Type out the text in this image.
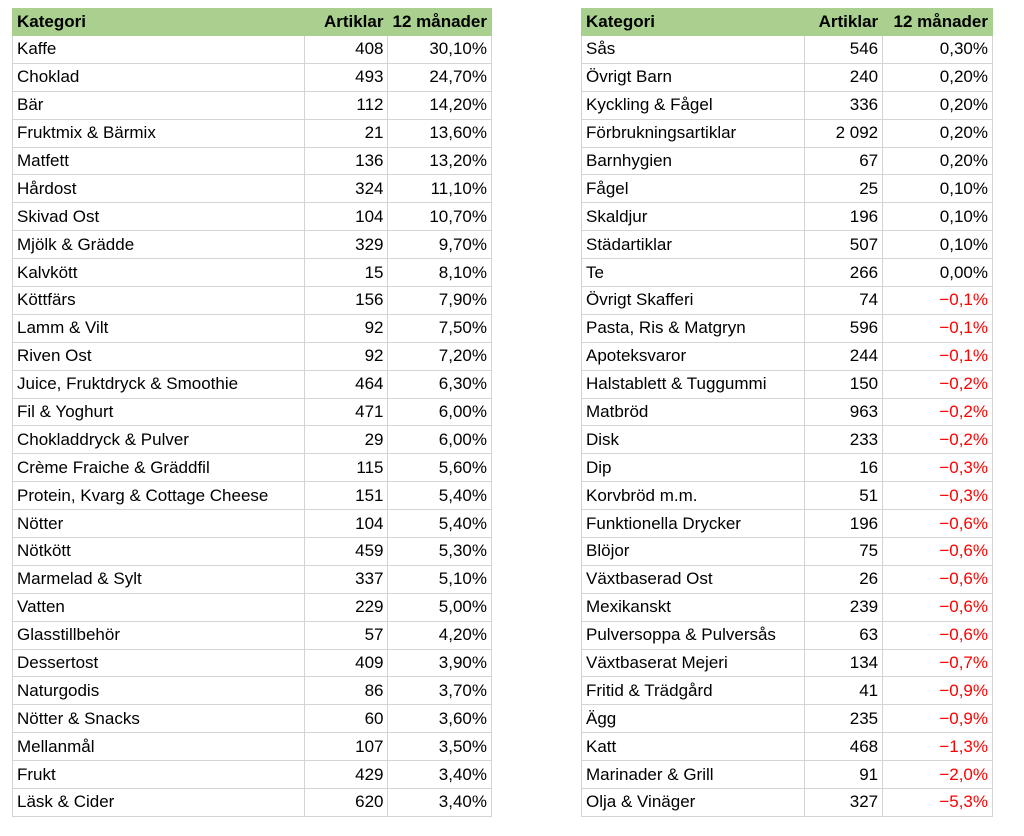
Kategori	Artiklar	12 månader
Kaffe	408	30,10%
Choklad	493	24,70%
Bär	112	14,20%
Fruktmix & Bärmix	21	13,60%
Matfett	136	13,20%
Hårdost	324	11,10%
Skivad Ost	104	10,70%
Mjölk & Grädde	329	9,70%
Kalvkött	15	8,10%
Köttfärs	156	7,90%
Lamm & Vilt	92	7,50%
Riven Ost	92	7,20%
Juice, Fruktdryck & Smoothie	464	6,30%
Fil & Yoghurt	471	6,00%
Chokladdryck & Pulver	29	6,00%
Crème Fraiche & Gräddfil	115	5,60%
Protein, Kvarg & Cottage Cheese	151	5,40%
Nötter	104	5,40%
Nötkött	459	5,30%
Marmelad & Sylt	337	5,10%
Vatten	229	5,00%
Glasstillbehör	57	4,20%
Dessertost	409	3,90%
Naturgodis	86	3,70%
Nötter & Snacks	60	3,60%
Mellanmål	107	3,50%
Frukt	429	3,40%
Läsk & Cider	620	3,40%
Kategori	Artiklar	12 månader
Sås	546	0,30%
Övrigt Barn	240	0,20%
Kyckling & Fågel	336	0,20%
Förbrukningsartiklar	2 092	0,20%
Barnhygien	67	0,20%
Fågel	25	0,10%
Skaldjur	196	0,10%
Städartiklar	507	0,10%
Te	266	0,00%
Övrigt Skafferi	74	−0,1%
Pasta, Ris & Matgryn	596	−0,1%
Apoteksvaror	244	−0,1%
Halstablett & Tuggummi	150	−0,2%
Matbröd	963	−0,2%
Disk	233	−0,2%
Dip	16	−0,3%
Korvbröd m.m.	51	−0,3%
Funktionella Drycker	196	−0,6%
Blöjor	75	−0,6%
Växtbaserad Ost	26	−0,6%
Mexikanskt	239	−0,6%
Pulversoppa & Pulversås	63	−0,6%
Växtbaserat Mejeri	134	−0,7%
Fritid & Trädgård	41	−0,9%
Ägg	235	−0,9%
Katt	468	−1,3%
Marinader & Grill	91	−2,0%
Olja & Vinäger	327	−5,3%
